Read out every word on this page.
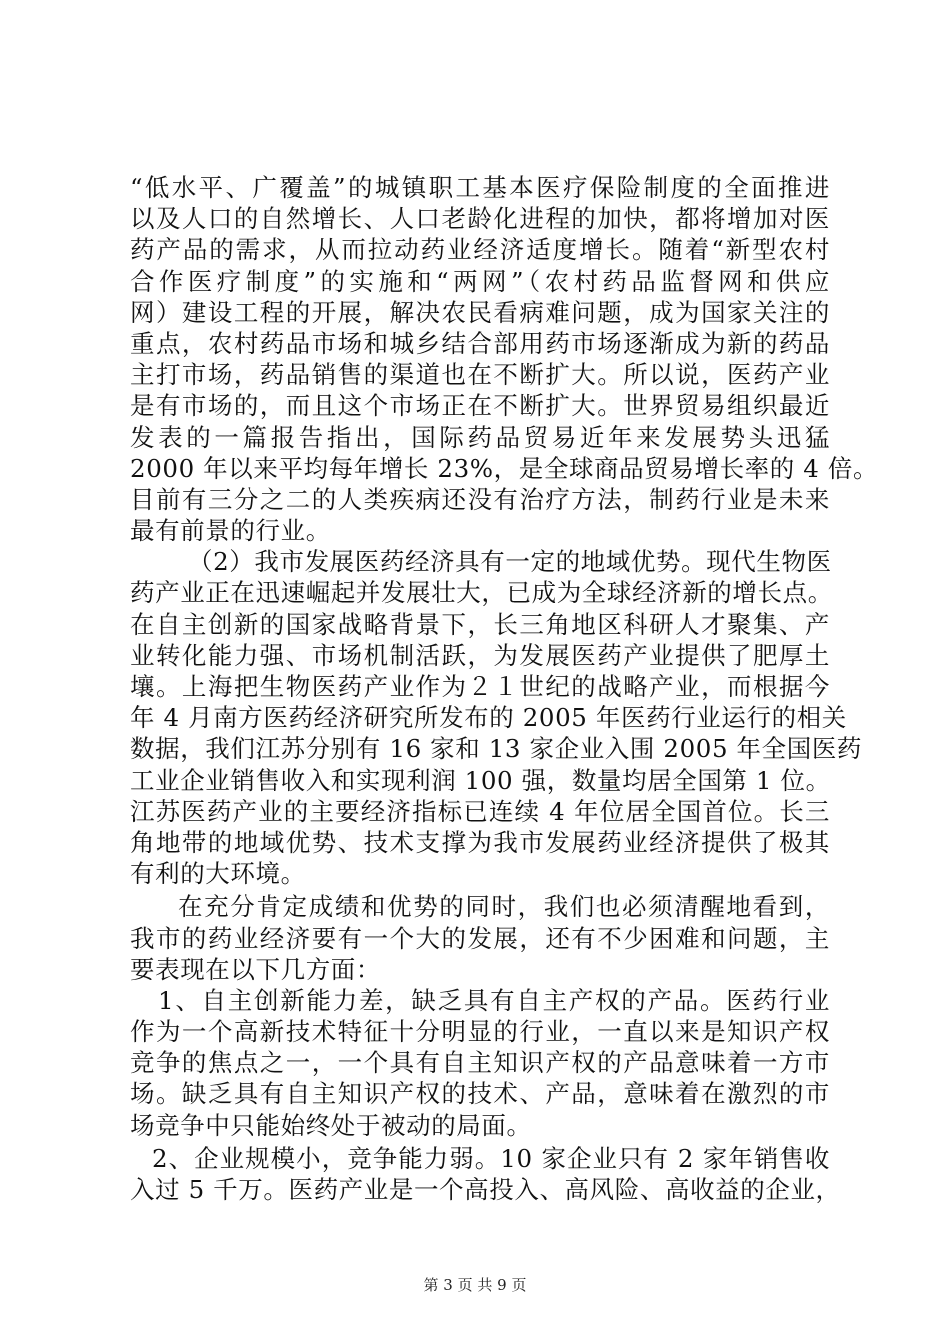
“低水平、广覆盖”的城镇职工基本医疗保险制度的全面推进
以及人口的自然增长、人口老龄化进程的加快，都将增加对医
药产品的需求，从而拉动药业经济适度增长。随着“新型农村
合作医疗制度”的实施和“两网”（农村药品监督网和供应
网）建设工程的开展，解决农民看病难问题，成为国家关注的
重点，农村药品市场和城乡结合部用药市场逐渐成为新的药品
主打市场，药品销售的渠道也在不断扩大。所以说，医药产业
是有市场的，而且这个市场正在不断扩大。世界贸易组织最近
发表的一篇报告指出，国际药品贸易近年来发展势头迅猛
2000 年以来平均每年增长 23%，是全球商品贸易增长率的 4 倍。
目前有三分之二的人类疾病还没有治疗方法，制药行业是未来
最有前景的行业。
（2）我市发展医药经济具有一定的地域优势。现代生物医
药产业正在迅速崛起并发展壮大，已成为全球经济新的增长点。
在自主创新的国家战略背景下，长三角地区科研人才聚集、产
业转化能力强、市场机制活跃，为发展医药产业提供了肥厚土
壤。上海把生物医药产业作为２１世纪的战略产业，而根据今
年 4 月南方医药经济研究所发布的 2005 年医药行业运行的相关
数据，我们江苏分别有 16 家和 13 家企业入围 2005 年全国医药
工业企业销售收入和实现利润 100 强，数量均居全国第 1 位。
江苏医药产业的主要经济指标已连续 4 年位居全国首位。长三
角地带的地域优势、技术支撑为我市发展药业经济提供了极其
有利的大环境。
在充分肯定成绩和优势的同时，我们也必须清醒地看到，
我市的药业经济要有一个大的发展，还有不少困难和问题，主
要表现在以下几方面：
1、自主创新能力差，缺乏具有自主产权的产品。医药行业
作为一个高新技术特征十分明显的行业，一直以来是知识产权
竞争的焦点之一，一个具有自主知识产权的产品意味着一方市
场。缺乏具有自主知识产权的技术、产品，意味着在激烈的市
场竞争中只能始终处于被动的局面。
2、企业规模小，竞争能力弱。10 家企业只有 2 家年销售收
入过 5 千万。医药产业是一个高投入、高风险、高收益的企业，
第 3 页 共 9 页
